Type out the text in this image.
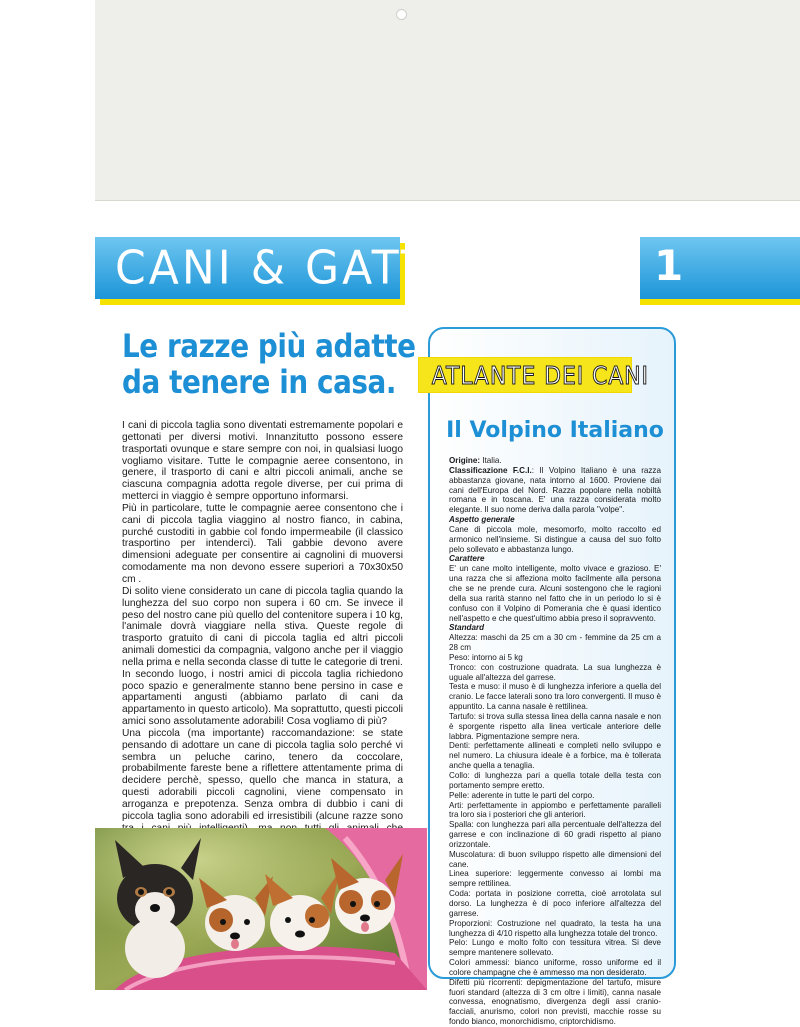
CANI & GATTI	1
Le razze più adatte
da tenere in casa.

I cani di piccola taglia sono diventati estremamente popolari e gettonati per diversi motivi. Innanzitutto possono essere trasportati ovunque e stare sempre con noi, in qualsiasi luogo vogliamo visitare. Tutte le compagnie aeree consentono, in genere, il trasporto di cani e altri piccoli animali, anche se ciascuna compagnia adotta regole diverse, per cui prima di metterci in viaggio è sempre opportuno informarsi.

Più in particolare, tutte le compagnie aeree consentono che i cani di piccola taglia viaggino al nostro fianco, in cabina, purché custoditi in gabbie col fondo impermeabile (il classico trasportino per intenderci). Tali gabbie devono avere dimensioni adeguate per consentire ai cagnolini di muoversi comodamente ma non devono essere superiori a 70x30x50 cm .

Di solito viene considerato un cane di piccola taglia quando la lunghezza del suo corpo non supera i 60 cm. Se invece il peso del nostro cane più quello del contenitore supera i 10 kg, l'animale dovrà viaggiare nella stiva. Queste regole di trasporto gratuito di cani di piccola taglia ed altri piccoli animali domestici da compagnia, valgono anche per il viaggio nella prima e nella seconda classe di tutte le categorie di treni.

In secondo luogo, i nostri amici di piccola taglia richiedono poco spazio e generalmente stanno bene persino in case e appartamenti angusti (abbiamo parlato di cani da appartamento in questo articolo). Ma soprattutto, questi piccoli amici sono assolutamente adorabili! Cosa vogliamo di più?

Una piccola (ma importante) raccomandazione: se state pensando di adottare un cane di piccola taglia solo perché vi sembra un peluche carino, tenero da coccolare, probabilmente fareste bene a riflettere attentamente prima di decidere perchè, spesso, quello che manca in statura, a questi adorabili piccoli cagnolini, viene compensato in arroganza e prepotenza. Senza ombra di dubbio i cani di piccola taglia sono adorabili ed irresistibili (alcune razze sono

ATLANTE DEI CANI
Il Volpino Italiano

Origine: Italia.

Classificazione F.C.I.: Il Volpino Italiano è una razza abbastanza giovane, nata intorno al 1600. Proviene dai cani dell'Europa del Nord. Razza popolare nella nobiltà romana e in toscana. E' una razza considerata molto elegante. Il suo nome deriva dalla parola "volpe".

Aspetto generale

Cane di piccola mole, mesomorfo, molto raccolto ed armonico nell'insieme. Si distingue a causa del suo folto pelo sollevato e abbastanza lungo.

Carattere

E' un cane molto intelligente, molto vivace e grazioso. E' una razza che si affeziona molto facilmente alla persona che se ne prende cura. Alcuni sostengono che le ragioni della sua rarità stanno nel fatto che in un periodo lo si è confuso con il Volpino di Pomerania che è quasi identico nell'aspetto e che quest'ultimo abbia preso il sopravvento.

Standard

Altezza: maschi da 25 cm a 30 cm - femmine da 25 cm a 28 cm

Peso: intorno ai 5 kg

Tronco: con costruzione quadrata. La sua lunghezza è uguale all'altezza del garrese.

Testa e muso: il muso è di lunghezza inferiore a quella del cranio. Le facce laterali sono tra loro convergenti. Il muso è appuntito. La canna nasale è rettilinea.

Tartufo: si trova sulla stessa linea della canna nasale e non è sporgente rispetto alla linea verticale anteriore delle labbra. Pigmentazione sempre nera.

Denti: perfettamente allineati e completi nello sviluppo e nel numero. La chiusura ideale è a forbice, ma è tollerata anche quella a tenaglia.

Collo: di lunghezza pari a quella totale della testa con portamento sempre eretto.

Pelle: aderente in tutte le parti del corpo.

Arti: perfettamente in appiombo e perfettamente paralleli tra loro sia i posteriori che gli anteriori.

Spalla: con lunghezza pari alla percentuale dell'altezza del garrese e con inclinazione di 60 gradi rispetto al piano orizzontale.

Muscolatura: di buon sviluppo rispetto alle dimensioni del cane.

Linea superiore: leggermente convesso ai lombi ma sempre rettilinea.

Coda: portata in posizione corretta, cioè arrotolata sul dorso. La lunghezza è di poco inferiore all'altezza del garrese.

Proporzioni: Costruzione nel quadrato, la testa ha una lunghezza di 4/10 rispetto alla lunghezza totale del tronco.

Pelo: Lungo e molto folto con tessitura vitrea. Si deve sempre mantenere sollevato.

Colori ammessi: bianco uniforme, rosso uniforme ed il colore champagne che è ammesso ma non desiderato.

Difetti più ricorrenti: depigmentazione del tartufo, misure fuori standard (altezza di 3 cm oltre i limiti), canna nasale convessa, enognatismo, divergenza degli assi cranio-facciali, anurismo, colori non previsti, macchie rosse su fondo bianco, monorchidismo, criptorchidismo.
